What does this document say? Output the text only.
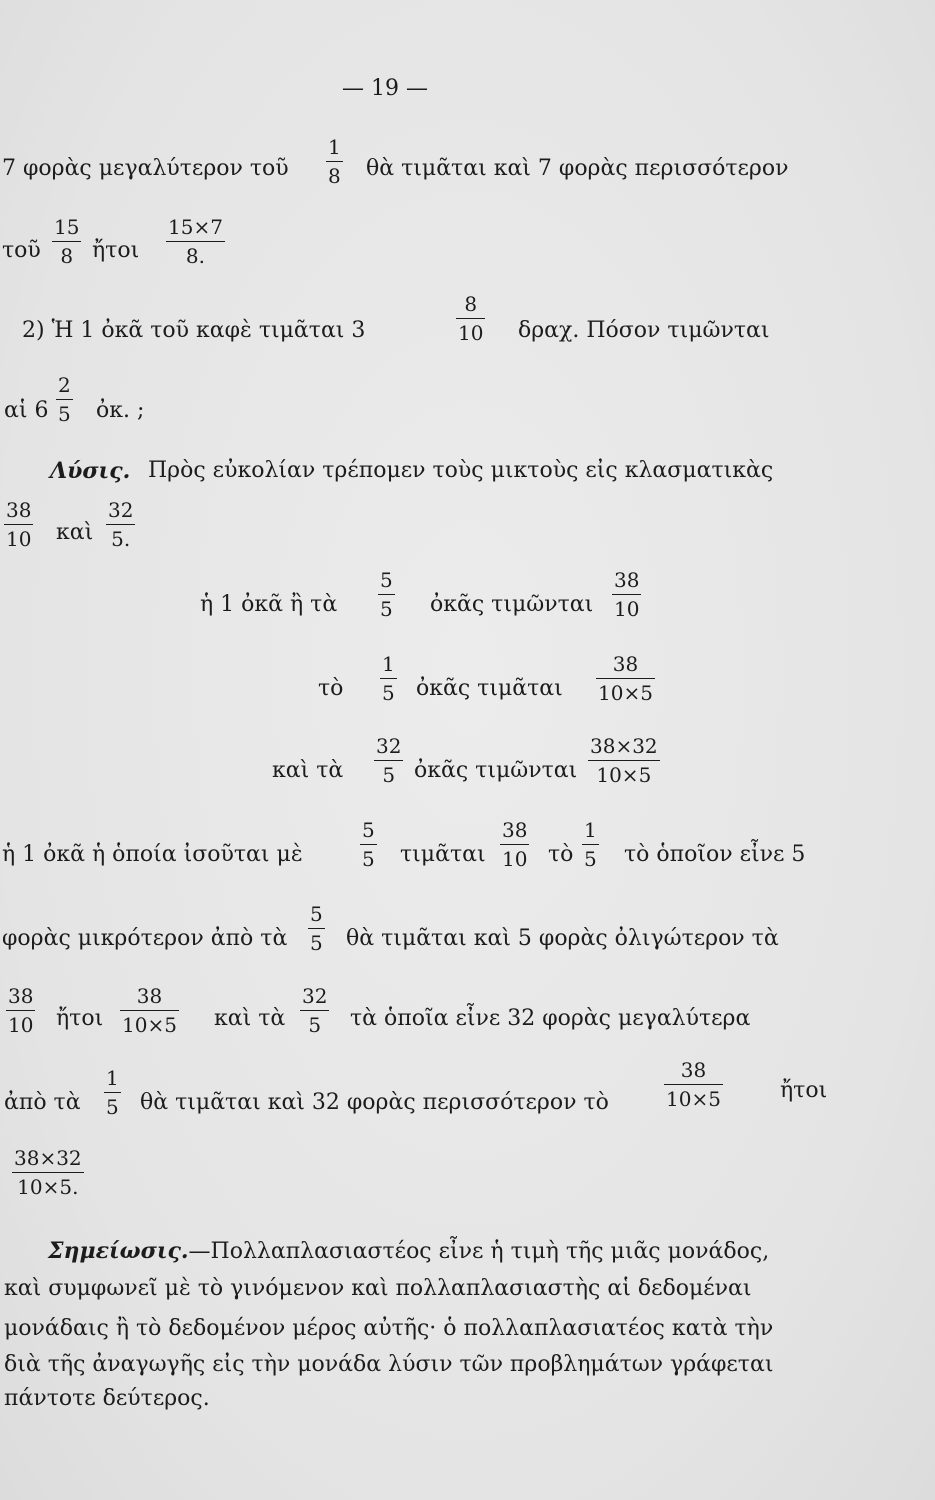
— 19 —
7 φορὰς μεγαλύτερον τοῦ
1
8 θὰ τιμᾶται καὶ 7 φορὰς περισσότερον
τοῦ
15
8 ἤτοι
15×7
8.
2) Ἡ 1 ὀκᾶ τοῦ καφὲ τιμᾶται 3
8
10 δραχ. Πόσον τιμῶνται
αἱ 6
2
5 ὀκ. ;
Λύσις. Πρὸς εὐκολίαν τρέπομεν τοὺς μικτοὺς εἰς κλασματικὰς
38
10 καὶ
32
5.
ἡ 1 ὀκᾶ ἢ τὰ
5
5 ὀκᾶς τιμῶνται
38
10
τὸ
1
5 ὀκᾶς τιμᾶται
38
10×5
καὶ τὰ
32
5 ὀκᾶς τιμῶνται
38×32
10×5
ἡ 1 ὀκᾶ ἡ ὁποία ἰσοῦται μὲ
5
5 τιμᾶται
38
10 τὸ
1
5 τὸ ὁποῖον εἶνε 5
φορὰς μικρότερον ἀπὸ τὰ
5
5 θὰ τιμᾶται καὶ 5 φορὰς ὀλιγώτερον τὰ
38
10 ἤτοι
38
10×5 καὶ τὰ
32
5 τὰ ὁποῖα εἶνε 32 φορὰς μεγαλύτερα
ἀπὸ τὰ
1
5 θὰ τιμᾶται καὶ 32 φορὰς περισσότερον τὸ
38
10×5	ἤτοι
38×32
10×5.
Σημείωσις.—Πολλαπλασιαστέος εἶνε ἡ τιμὴ τῆς μιᾶς μονάδος,
καὶ συμφωνεῖ μὲ τὸ γινόμενον καὶ πολλαπλασιαστὴς αἱ δεδομέναι
μονάδαις ἢ τὸ δεδομένον μέρος αὐτῆς· ὁ πολλαπλασιατέος κατὰ τὴν
διὰ τῆς ἀναγωγῆς εἰς τὴν μονάδα λύσιν τῶν προβλημάτων γράφεται
πάντοτε δεύτερος.
